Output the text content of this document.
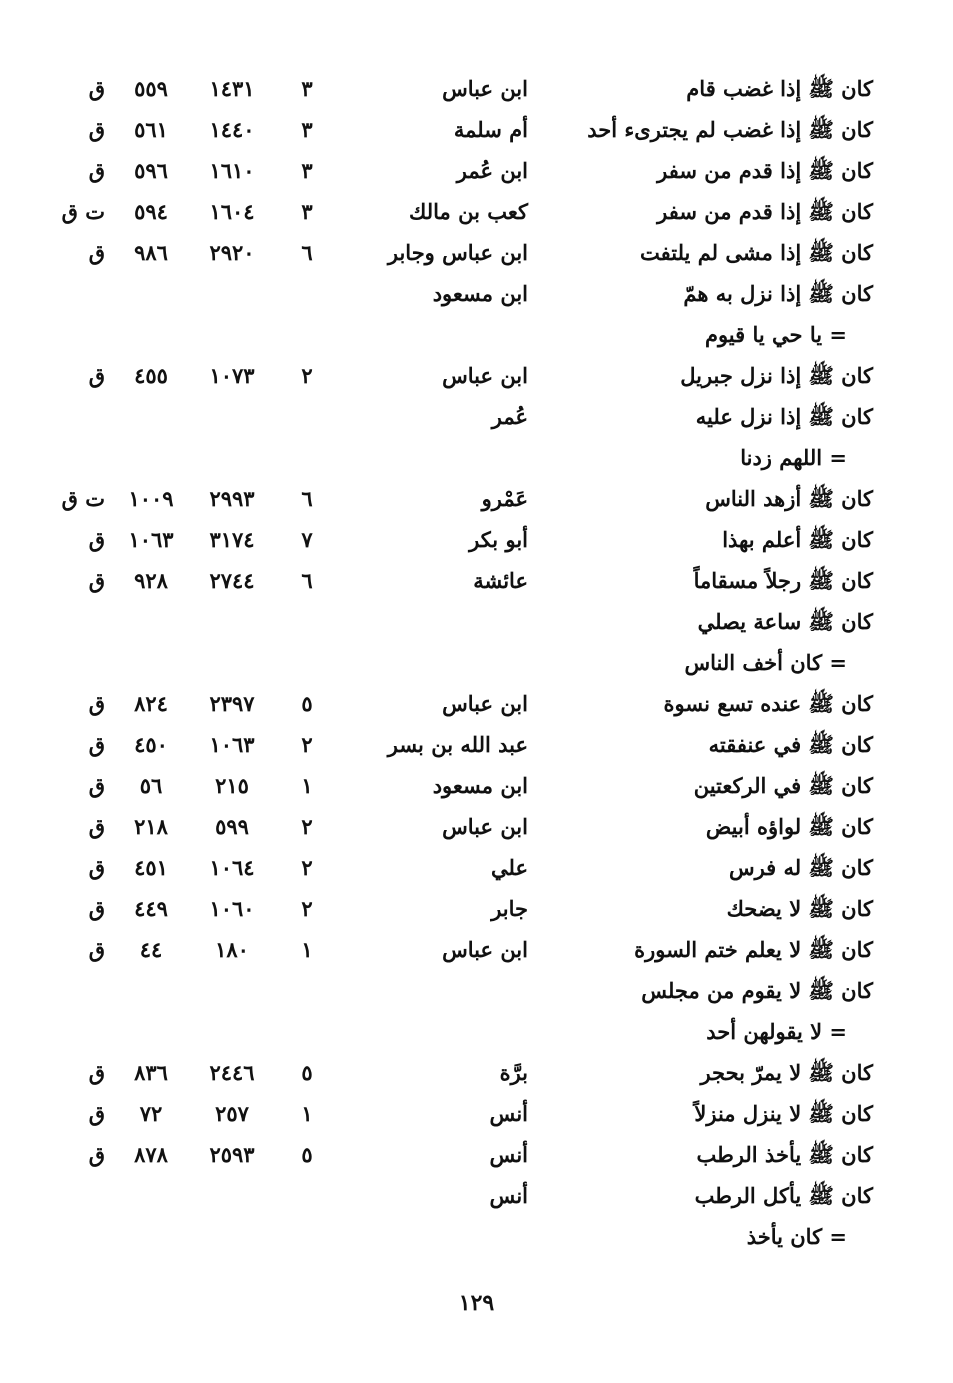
كان ﷺ إذا غضب قام
ابن عباس
٣
١٤٣١
٥٥٩
ق
كان ﷺ إذا غضب لم يجترىء أحد
أم سلمة
٣
١٤٤٠
٥٦١
ق
كان ﷺ إذا قدم من سفر
ابن عُمر
٣
١٦١٠
٥٩٦
ق
كان ﷺ إذا قدم من سفر
كعب بن مالك
٣
١٦٠٤
٥٩٤
ت ق
كان ﷺ إذا مشى لم يلتفت
ابن عباس وجابر
٦
٢٩٢٠
٩٨٦
ق
كان ﷺ إذا نزل به همّ
ابن مسعود
= يا حي يا قيوم
كان ﷺ إذا نزل جبريل
ابن عباس
٢
١٠٧٣
٤٥٥
ق
كان ﷺ إذا نزل عليه
عُمر
= اللهم زدنا
كان ﷺ أزهد الناس
عَمْرو
٦
٢٩٩٣
١٠٠٩
ت ق
كان ﷺ أعلم بهذا
أبو بكر
٧
٣١٧٤
١٠٦٣
ق
كان ﷺ رجلاً مسقاماً
عائشة
٦
٢٧٤٤
٩٢٨
ق
كان ﷺ ساعة يصلي
= كان أخف الناس
كان ﷺ عنده تسع نسوة
ابن عباس
٥
٢٣٩٧
٨٢٤
ق
كان ﷺ في عنفقته
عبد الله بن بسر
٢
١٠٦٣
٤٥٠
ق
كان ﷺ في الركعتين
ابن مسعود
١
٢١٥
٥٦
ق
كان ﷺ لواؤه أبيض
ابن عباس
٢
٥٩٩
٢١٨
ق
كان ﷺ له فرس
علي
٢
١٠٦٤
٤٥١
ق
كان ﷺ لا يضحك
جابر
٢
١٠٦٠
٤٤٩
ق
كان ﷺ لا يعلم ختم السورة
ابن عباس
١
١٨٠
٤٤
ق
كان ﷺ لا يقوم من مجلس
= لا يقولهن أحد
كان ﷺ لا يمرّ بحجر
برَّة
٥
٢٤٤٦
٨٣٦
ق
كان ﷺ لا ينزل منزلاً
أنس
١
٢٥٧
٧٢
ق
كان ﷺ يأخذ الرطب
أنس
٥
٢٥٩٣
٨٧٨
ق
كان ﷺ يأكل الرطب
أنس
= كان يأخذ
١٢٩
